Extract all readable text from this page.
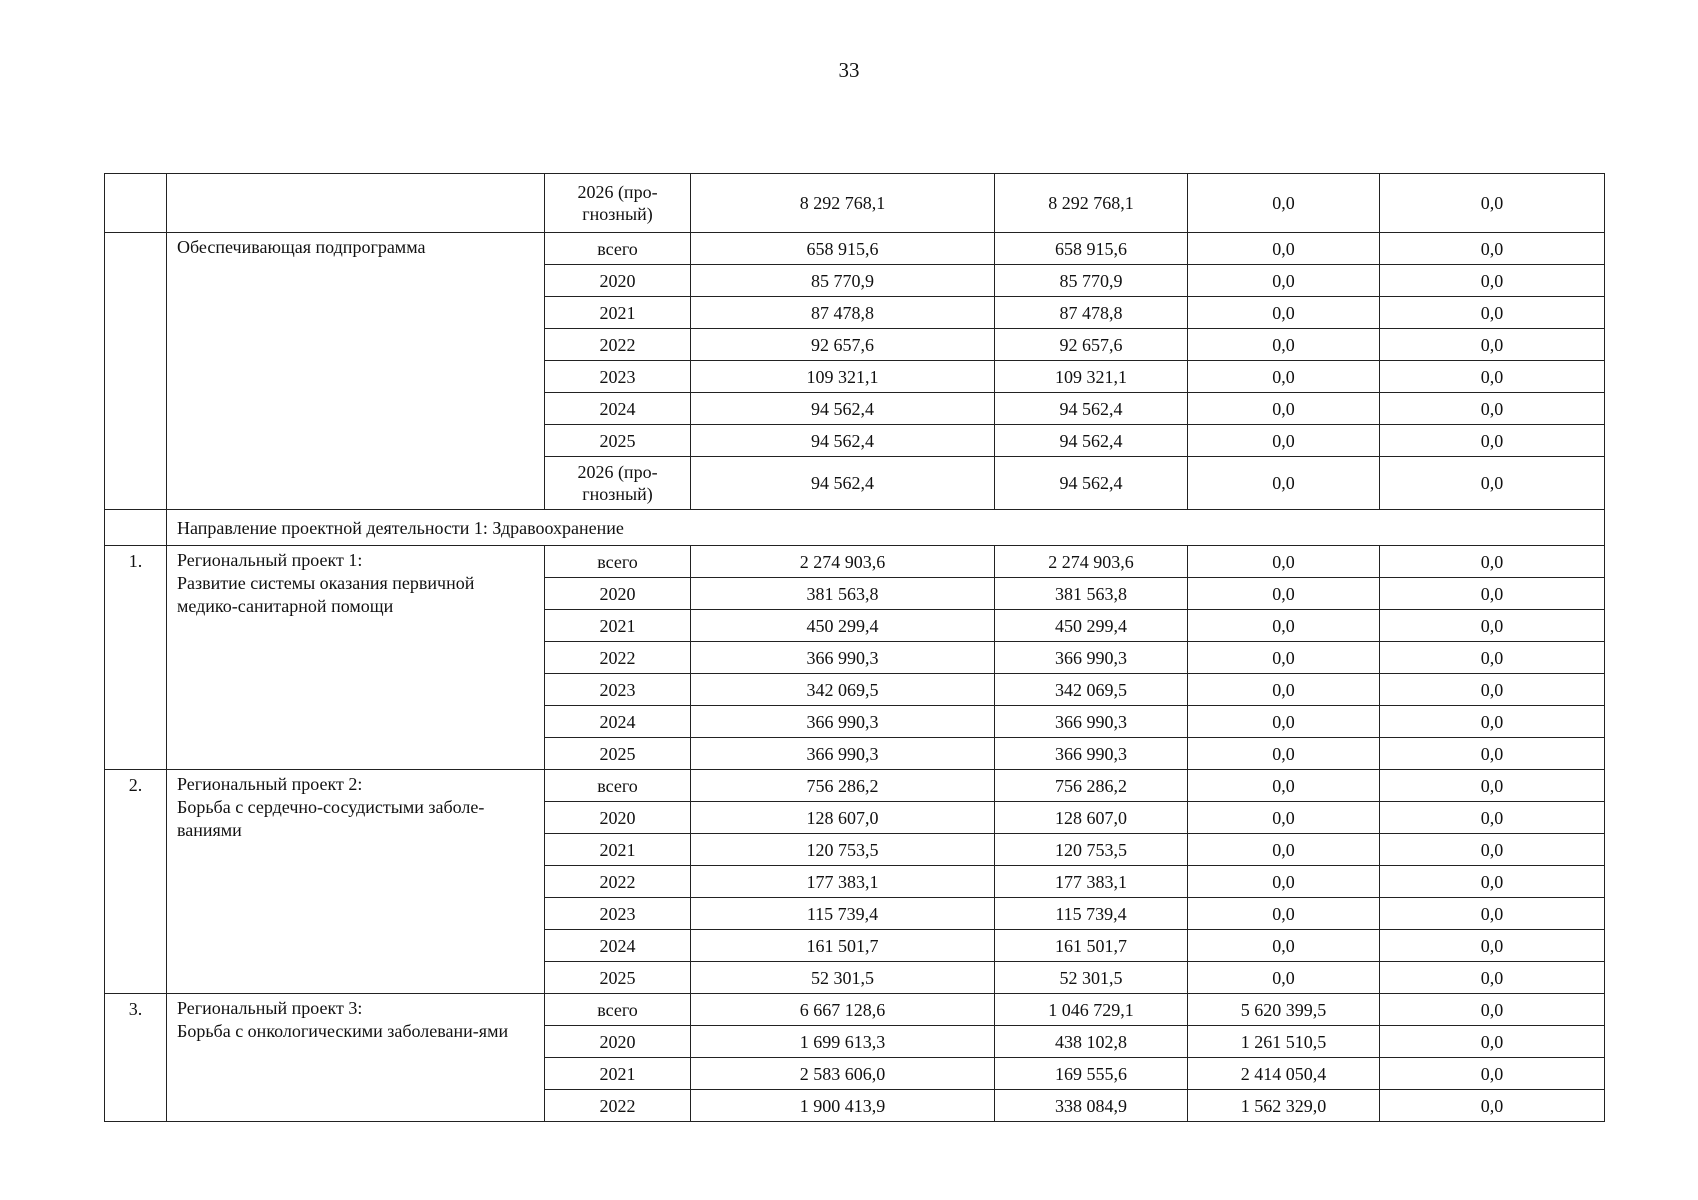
33

		2026 (про-
гнозный)	8 292 768,1	8 292 768,1	0,0	0,0
	Обеспечивающая подпрограмма	всего	658 915,6	658 915,6	0,0	0,0
		2020	85 770,9	85 770,9	0,0	0,0
		2021	87 478,8	87 478,8	0,0	0,0
		2022	92 657,6	92 657,6	0,0	0,0
		2023	109 321,1	109 321,1	0,0	0,0
		2024	94 562,4	94 562,4	0,0	0,0
		2025	94 562,4	94 562,4	0,0	0,0

		2026 (про-
гнозный)	94 562,4	94 562,4	0,0	0,0
	Направление проектной деятельности 1: Здравоохранение					
1.	Региональный проект 1:
Развитие системы оказания первичной медико-санитарной помощи	всего	2 274 903,6	2 274 903,6	0,0	0,0
		2020	381 563,8	381 563,8	0,0	0,0
		2021	450 299,4	450 299,4	0,0	0,0
		2022	366 990,3	366 990,3	0,0	0,0
		2023	342 069,5	342 069,5	0,0	0,0
		2024	366 990,3	366 990,3	0,0	0,0
		2025	366 990,3	366 990,3	0,0	0,0
2.	Региональный проект 2:
Борьба с сердечно-сосудистыми заболе-ваниями	всего	756 286,2	756 286,2	0,0	0,0
		2020	128 607,0	128 607,0	0,0	0,0
		2021	120 753,5	120 753,5	0,0	0,0
		2022	177 383,1	177 383,1	0,0	0,0
		2023	115 739,4	115 739,4	0,0	0,0
		2024	161 501,7	161 501,7	0,0	0,0
		2025	52 301,5	52 301,5	0,0	0,0
3.	Региональный проект 3:
Борьба с онкологическими заболевани-ями	всего	6 667 128,6	1 046 729,1	5 620 399,5	0,0
		2020	1 699 613,3	438 102,8	1 261 510,5	0,0
		2021	2 583 606,0	169 555,6	2 414 050,4	0,0
		2022	1 900 413,9	338 084,9	1 562 329,0	0,0
